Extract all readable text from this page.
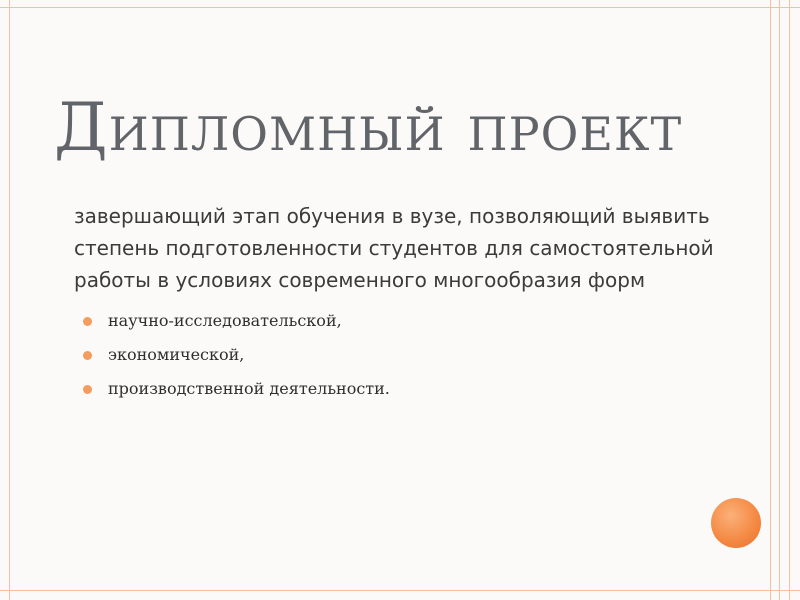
Дипломный проект
завершающий этап обучения в вузе, позволяющий выявить степень подготовленности студентов для самостоятельной работы в условиях современного многообразия форм
научно-исследовательской,
экономической,
производственной деятельности.
